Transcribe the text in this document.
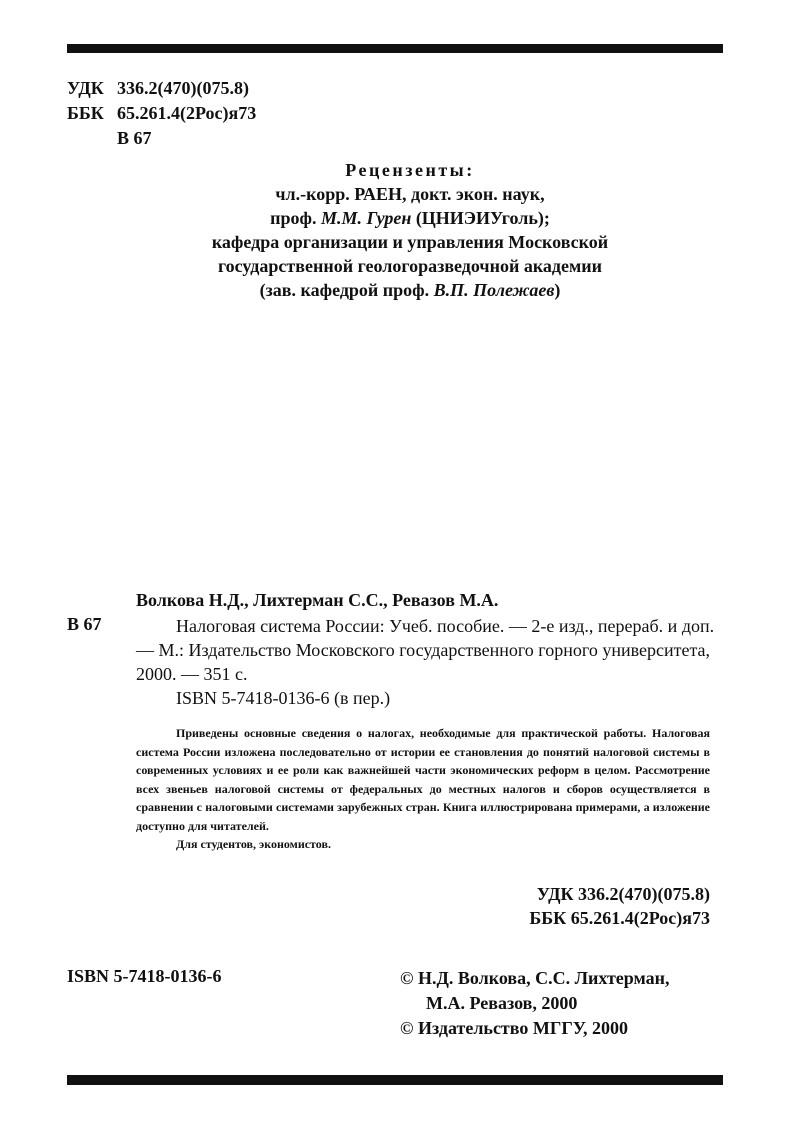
УДК 336.2(470)(075.8)
ББК 65.261.4(2Рос)я73
В 67
Рецензенты:
чл.-корр. РАЕН, докт. экон. наук,
проф. М.М. Гурен (ЦНИЭИУголь);
кафедра организации и управления Московской
государственной геологоразведочной академии
(зав. кафедрой проф. В.П. Полежаев)
Волкова Н.Д., Лихтерман С.С., Ревазов М.А.
В 67	Налоговая система России: Учеб. пособие. — 2-е изд., перераб. и доп. — М.: Издательство Московского государственного горного университета, 2000. — 351 с.

ISBN 5-7418-0136-6 (в пер.)

Приведены основные сведения о налогах, необходимые для практической работы. Налоговая система России изложена последовательно от истории ее становления до понятий налоговой системы в современных условиях и ее роли как важнейшей части экономических реформ в целом. Рассмотрение всех звеньев налоговой системы от федеральных до местных налогов и сборов осуществляется в сравнении с налоговыми системами зарубежных стран. Книга иллюстрирована примерами, а изложение доступно для читателей.

Для студентов, экономистов.

УДК 336.2(470)(075.8)
ББК 65.261.4(2Рос)я73
ISBN 5-7418-0136-6	© Н.Д. Волкова, С.С. Лихтерман,
М.А. Ревазов, 2000
© Издательство МГГУ, 2000
